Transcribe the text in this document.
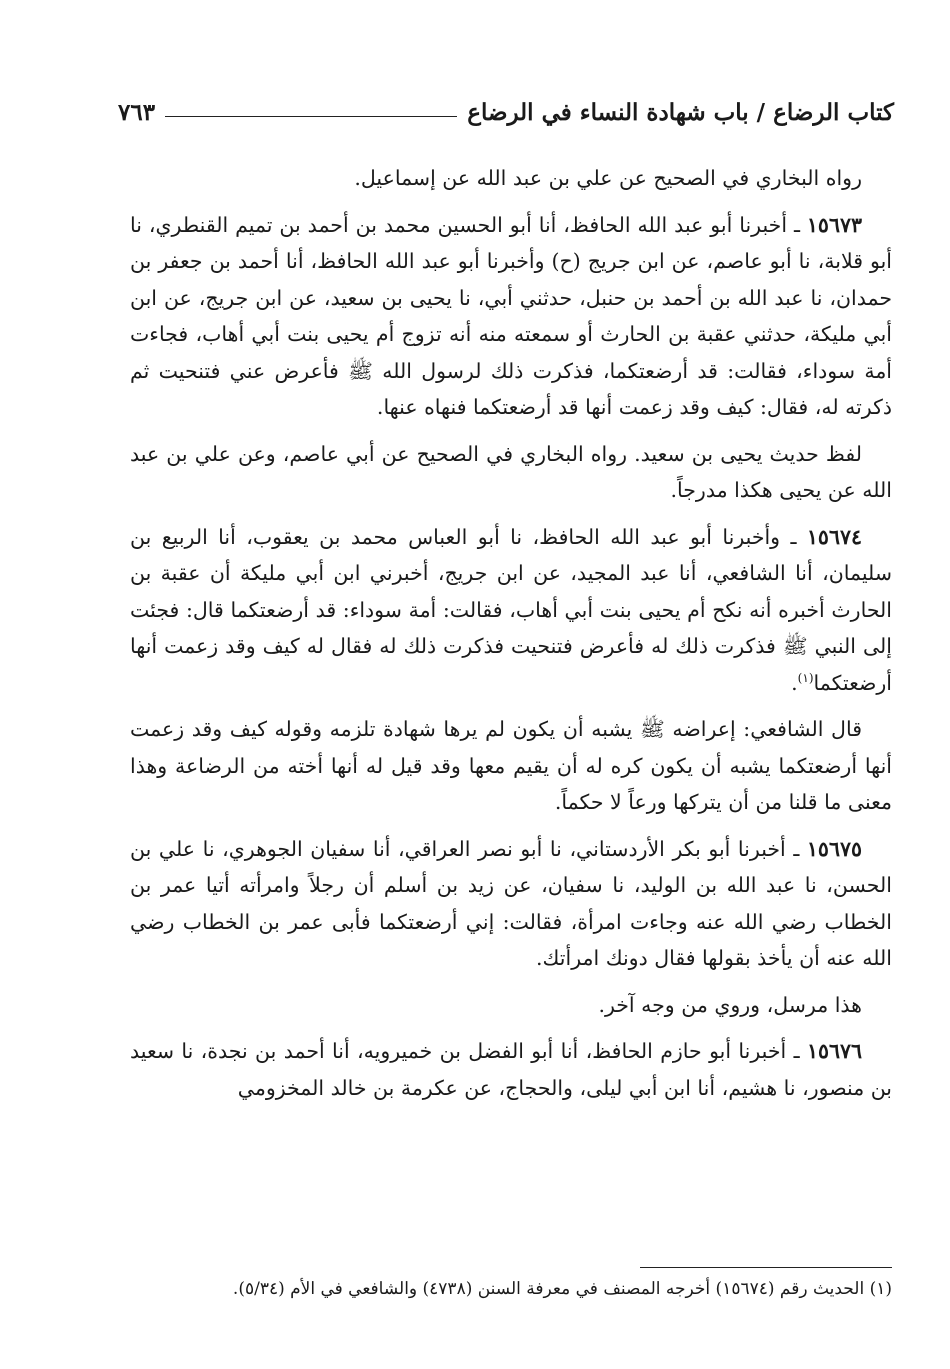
كتاب الرضاع / باب شهادة النساء في الرضاع
٧٦٣

رواه البخاري في الصحيح عن علي بن عبد الله عن إسماعيل.

١٥٦٧٣ ـ أخبرنا أبو عبد الله الحافظ، أنا أبو الحسين محمد بن أحمد بن تميم القنطري، نا أبو قلابة، نا أبو عاصم، عن ابن جريج (ح) وأخبرنا أبو عبد الله الحافظ، أنا أحمد بن جعفر بن حمدان، نا عبد الله بن أحمد بن حنبل، حدثني أبي، نا يحيى بن سعيد، عن ابن جريج، عن ابن أبي مليكة، حدثني عقبة بن الحارث أو سمعته منه أنه تزوج أم يحيى بنت أبي أهاب، فجاءت أمة سوداء، فقالت: قد أرضعتكما، فذكرت ذلك لرسول الله ﷺ فأعرض عني فتنحيت ثم ذكرته له، فقال: كيف وقد زعمت أنها قد أرضعتكما فنهاه عنها.

لفظ حديث يحيى بن سعيد. رواه البخاري في الصحيح عن أبي عاصم، وعن علي بن عبد الله عن يحيى هكذا مدرجاً.

١٥٦٧٤ ـ وأخبرنا أبو عبد الله الحافظ، نا أبو العباس محمد بن يعقوب، أنا الربيع بن سليمان، أنا الشافعي، أنا عبد المجيد، عن ابن جريج، أخبرني ابن أبي مليكة أن عقبة بن الحارث أخبره أنه نكح أم يحيى بنت أبي أهاب، فقالت: أمة سوداء: قد أرضعتكما قال: فجئت إلى النبي ﷺ فذكرت ذلك له فأعرض فتنحيت فذكرت ذلك له فقال له كيف وقد زعمت أنها أرضعتكما$^{(١)}$.

قال الشافعي: إعراضه ﷺ يشبه أن يكون لم يرها شهادة تلزمه وقوله كيف وقد زعمت أنها أرضعتكما يشبه أن يكون كره له أن يقيم معها وقد قيل له أنها أخته من الرضاعة وهذا معنى ما قلنا من أن يتركها ورعاً لا حكماً.

١٥٦٧٥ ـ أخبرنا أبو بكر الأردستاني، نا أبو نصر العراقي، أنا سفيان الجوهري، نا علي بن الحسن، نا عبد الله بن الوليد، نا سفيان، عن زيد بن أسلم أن رجلاً وامرأته أتيا عمر بن الخطاب رضي الله عنه وجاءت امرأة، فقالت: إني أرضعتكما فأبى عمر بن الخطاب رضي الله عنه أن يأخذ بقولها فقال دونك امرأتك.

هذا مرسل، وروي من وجه آخر.

١٥٦٧٦ ـ أخبرنا أبو حازم الحافظ، أنا أبو الفضل بن خميرويه، أنا أحمد بن نجدة، نا سعيد بن منصور، نا هشيم، أنا ابن أبي ليلى، والحجاج، عن عكرمة بن خالد المخزومي

(١) الحديث رقم (١٥٦٧٤) أخرجه المصنف في معرفة السنن (٤٧٣٨) والشافعي في الأم (٥/٣٤).
